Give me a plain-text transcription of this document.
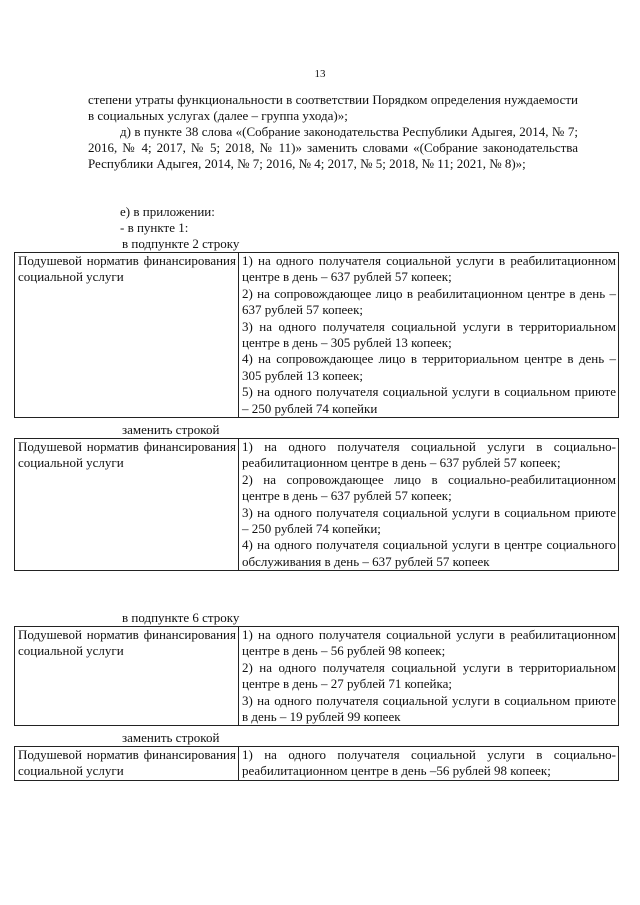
13

степени утраты функциональности в соответствии Порядком определения нуждаемости в социальных услугах (далее – группа ухода)»;

д) в пункте 38 слова «(Собрание законодательства Республики Адыгея, 2014, № 7; 2016, № 4; 2017, № 5; 2018, № 11)» заменить словами «(Собрание законодательства Республики Адыгея, 2014, № 7; 2016, № 4; 2017, № 5; 2018, № 11; 2021, № 8)»;

е) в приложении:

- в пункте 1:

в подпункте 2 строку
Подушевой норматив финансирования социальной услуги

1) на одного получателя социальной услуги в реабилитационном центре в день – 637 рублей 57 копеек;
2) на сопровождающее лицо в реабилитационном центре в день – 637 рублей 57 копеек;
3) на одного получателя социальной услуги в территориальном центре в день – 305 рублей 13 копеек;
4) на сопровождающее лицо в территориальном центре в день – 305 рублей 13 копеек;
5) на одного получателя социальной услуги в социальном приюте – 250 рублей 74 копейки
заменить строкой
Подушевой норматив финансирования социальной услуги

1) на одного получателя социальной услуги в социально-реабилитационном центре в день – 637 рублей 57 копеек;
2) на сопровождающее лицо в социально-реабилитационном центре в день – 637 рублей 57 копеек;
3) на одного получателя социальной услуги в социальном приюте – 250 рублей 74 копейки;
4) на одного получателя социальной услуги в центре социального обслуживания в день – 637 рублей 57 копеек
в подпункте 6 строку
Подушевой норматив финансирования социальной услуги

1) на одного получателя социальной услуги в реабилитационном центре в день – 56 рублей 98 копеек;
2) на одного получателя социальной услуги в территориальном центре в день – 27 рублей 71 копейка;
3) на одного получателя социальной услуги в социальном приюте в день – 19 рублей 99 копеек
заменить строкой
Подушевой норматив финансирования социальной услуги

1) на одного получателя социальной услуги в социально-реабилитационном центре в день –56 рублей 98 копеек;
